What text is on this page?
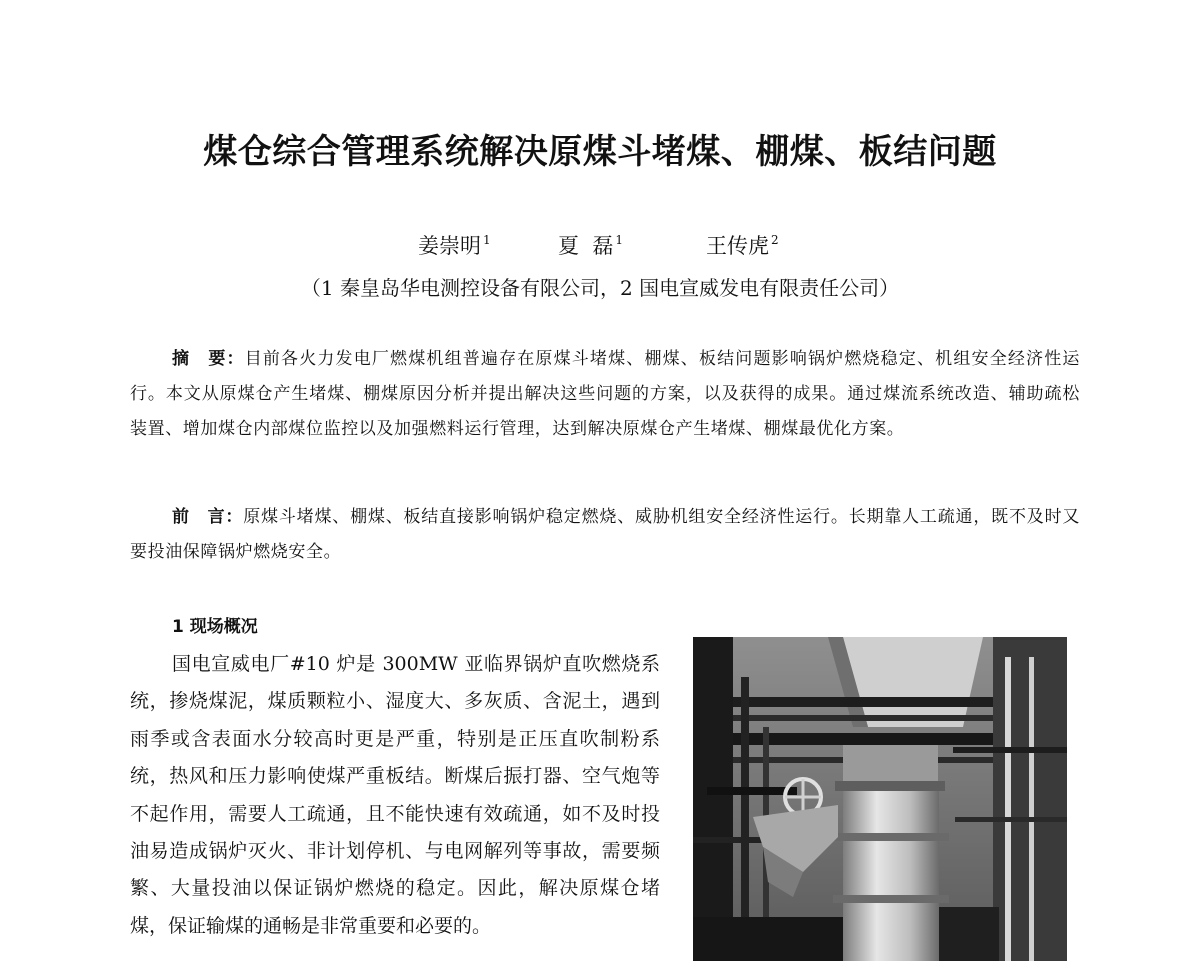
煤仓综合管理系统解决原煤斗堵煤、棚煤、板结问题
姜崇明 $^1$	夏  磊 $^1$	王传虎 $^2$
（1 秦皇岛华电测控设备有限公司，2 国电宣威发电有限责任公司）
摘　要：目前各火力发电厂燃煤机组普遍存在原煤斗堵煤、棚煤、板结问题影响锅炉燃烧稳定、机组安全经济性运行。本文从原煤仓产生堵煤、棚煤原因分析并提出解决这些问题的方案，以及获得的成果。通过煤流系统改造、辅助疏松装置、增加煤仓内部煤位监控以及加强燃料运行管理，达到解决原煤仓产生堵煤、棚煤最优化方案。
前　言：原煤斗堵煤、棚煤、板结直接影响锅炉稳定燃烧、威胁机组安全经济性运行。长期靠人工疏通，既不及时又要投油保障锅炉燃烧安全。
1 现场概况
国电宣威电厂#10 炉是 300MW 亚临界锅炉直吹燃烧系统，掺烧煤泥，煤质颗粒小、湿度大、多灰质、含泥土，遇到雨季或含表面水分较高时更是严重，特别是正压直吹制粉系统，热风和压力影响使煤严重板结。断煤后振打器、空气炮等不起作用，需要人工疏通，且不能快速有效疏通，如不及时投油易造成锅炉灭火、非计划停机、与电网解列等事故，需要频繁、大量投油以保证锅炉燃烧的稳定。因此，解决原煤仓堵煤，保证输煤的通畅是非常重要和必要的。
